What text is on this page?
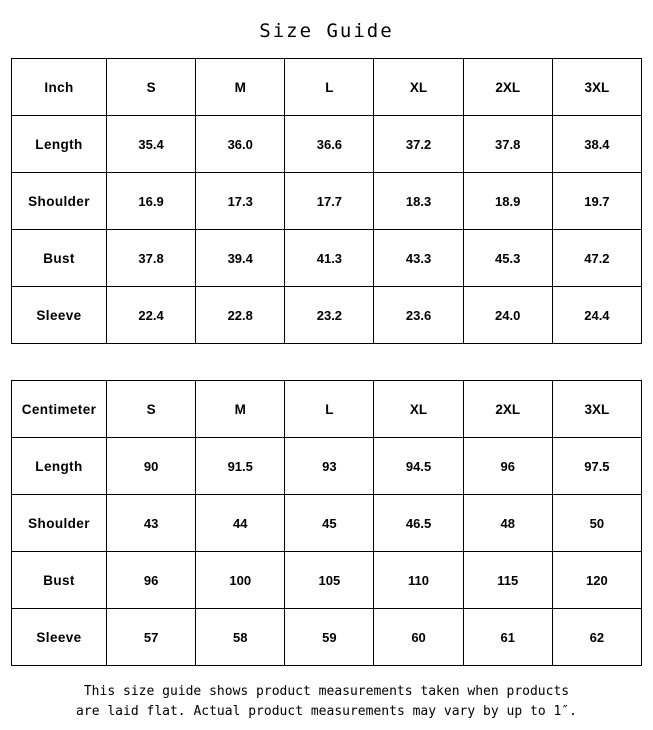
Size Guide
Inch	S	M	L	XL	2XL	3XL
Length	35.4	36.0	36.6	37.2	37.8	38.4
Shoulder	16.9	17.3	17.7	18.3	18.9	19.7
Bust	37.8	39.4	41.3	43.3	45.3	47.2
Sleeve	22.4	22.8	23.2	23.6	24.0	24.4
Centimeter	S	M	L	XL	2XL	3XL
Length	90	91.5	93	94.5	96	97.5
Shoulder	43	44	45	46.5	48	50
Bust	96	100	105	110	115	120
Sleeve	57	58	59	60	61	62
This size guide shows product measurements taken when products
are laid flat. Actual product measurements may vary by up to 1″.
